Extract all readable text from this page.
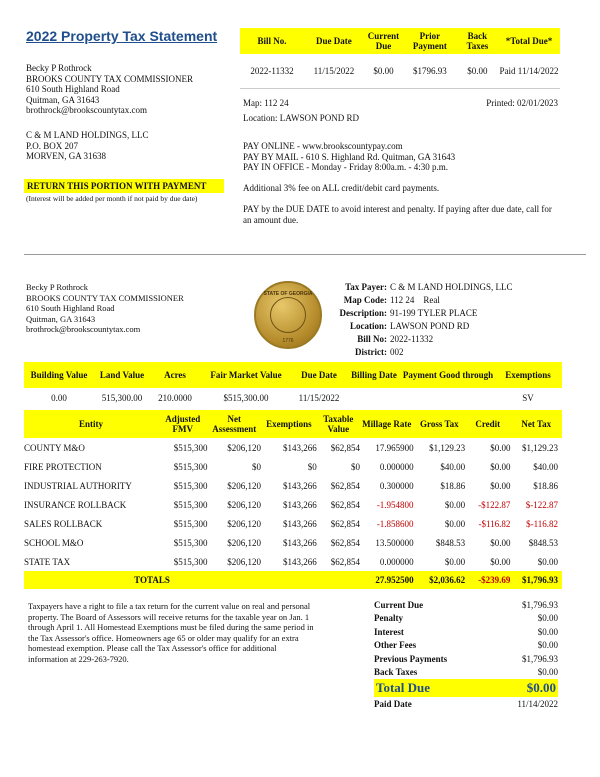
2022 Property Tax Statement	Bill No.	Due Date	Current Due	Prior Payment	Back Taxes	*Total Due*
2022-11332	11/15/2022	$0.00	$1796.93	$0.00	Paid 11/14/2022
Becky P Rothrock
BROOKS COUNTY TAX COMMISSIONER
610 South Highland Road
Quitman, GA 31643
brothrock@brookscountytax.com
C & M LAND HOLDINGS, LLC
P.O. BOX 207
MORVEN, GA 31638
RETURN THIS PORTION WITH PAYMENT
(Interest will be added per month if not paid by due date)
Map: 112 24	Printed: 02/01/2023
Location: LAWSON POND RD
PAY ONLINE - www.brookscountypay.com
PAY BY MAIL - 610 S. Highland Rd. Quitman, GA 31643
PAY IN OFFICE - Monday - Friday 8:00a.m. - 4:30 p.m.
Additional 3% fee on ALL credit/debit card payments.
PAY by the DUE DATE to avoid interest and penalty. If paying after due date, call for an amount due.
Becky P Rothrock
BROOKS COUNTY TAX COMMISSIONER
610 South Highland Road
Quitman, GA 31643
brothrock@brookscountytax.com
STATE OF GEORGIA
1776
Tax Payer:	C & M LAND HOLDINGS, LLC
Map Code:	112 24 Real
Description:	91-199 TYLER PLACE
Location:	LAWSON POND RD
Bill No:	2022-11332
District:	002
Building Value	Land Value	Acres	Fair Market Value	Due Date	Billing Date	Payment Good through	Exemptions
0.00	515,300.00	210.0000	$515,300.00	11/15/2022			SV
Entity	Adjusted FMV	Net Assessment	Exemptions	Taxable Value	Millage Rate	Gross Tax	Credit	Net Tax
COUNTY M&O	$515,300	$206,120	$143,266	$62,854	17.965900	$1,129.23	$0.00	$1,129.23
FIRE PROTECTION	$515,300	$0	$0	$0	0.000000	$40.00	$0.00	$40.00
INDUSTRIAL AUTHORITY	$515,300	$206,120	$143,266	$62,854	0.300000	$18.86	$0.00	$18.86
INSURANCE ROLLBACK	$515,300	$206,120	$143,266	$62,854	-1.954800	$0.00	-$122.87	$-122.87
SALES ROLLBACK	$515,300	$206,120	$143,266	$62,854	-1.858600	$0.00	-$116.82	$-116.82
SCHOOL M&O	$515,300	$206,120	$143,266	$62,854	13.500000	$848.53	$0.00	$848.53
STATE TAX	$515,300	$206,120	$143,266	$62,854	0.000000	$0.00	$0.00	$0.00
TOTALS					27.952500	$2,036.62	-$239.69	$1,796.93
Taxpayers have a right to file a tax return for the current value on real and personal property. The Board of Assessors will receive returns for the taxable year on Jan. 1 through April 1. All Homestead Exemptions must be filed during the same period in the Tax Assessor's office. Homeowners age 65 or older may qualify for an extra homestead exemption. Please call the Tax Assessor's office for additional information at 229-263-7920.
Current Due	$1,796.93
Penalty	$0.00
Interest	$0.00
Other Fees	$0.00
Previous Payments	$1,796.93
Back Taxes	$0.00
Total Due	$0.00
Paid Date	11/14/2022
